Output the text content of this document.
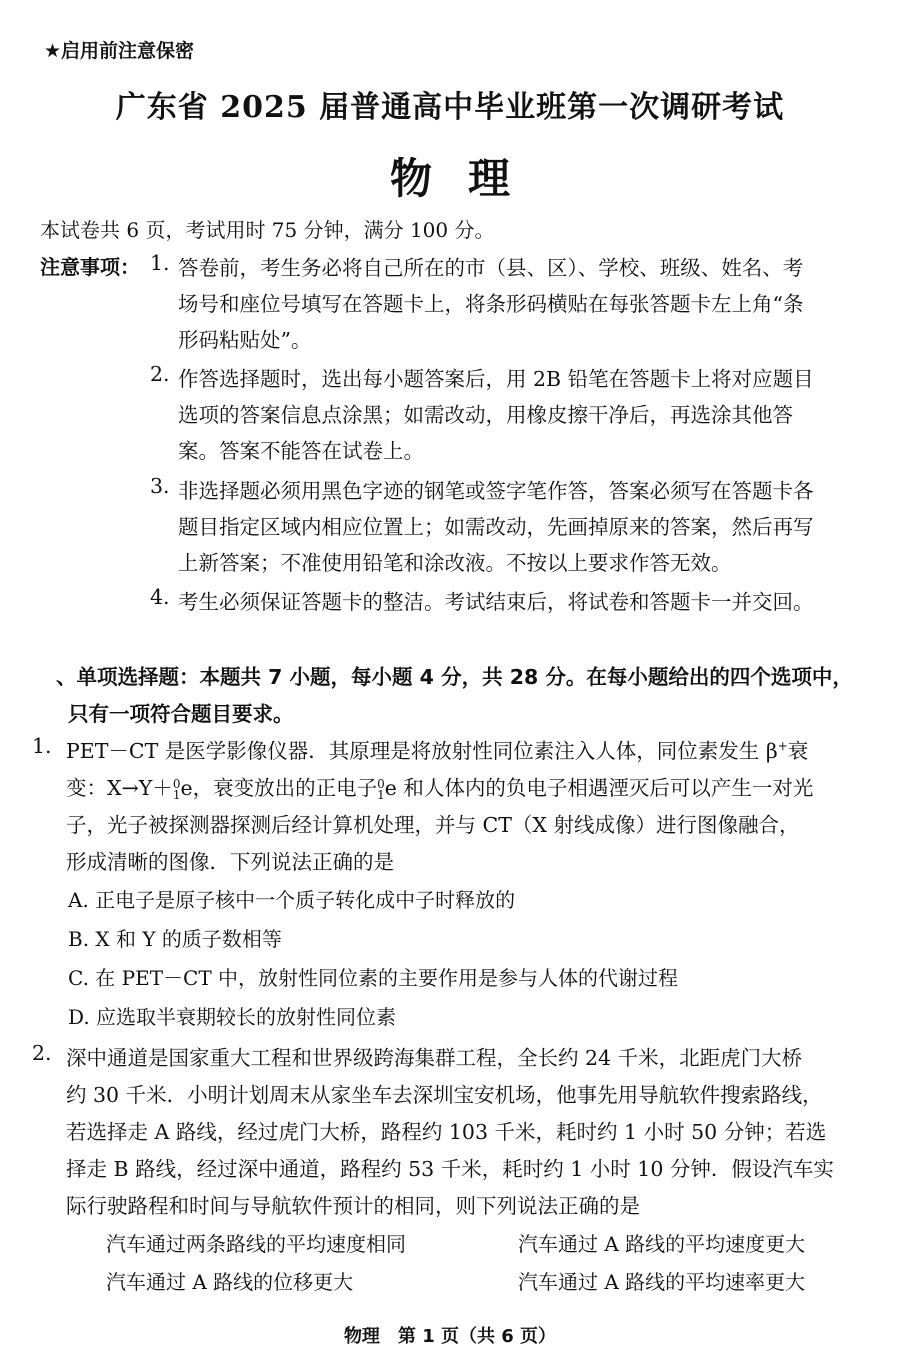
★启用前注意保密
广东省 2025 届普通高中毕业班第一次调研考试
物理
本试卷共 6 页，考试用时 75 分钟，满分 100 分。
注意事项： 1. 答卷前，考生务必将自己所在的市（县、区）、学校、班级、姓名、考
场号和座位号填写在答题卡上，将条形码横贴在每张答题卡左上角“条
形码粘贴处”。
2. 作答选择题时，选出每小题答案后，用 2B 铅笔在答题卡上将对应题目
选项的答案信息点涂黑；如需改动，用橡皮擦干净后，再选涂其他答
案。答案不能答在试卷上。
3. 非选择题必须用黑色字迹的钢笔或签字笔作答，答案必须写在答题卡各
题目指定区域内相应位置上；如需改动，先画掉原来的答案，然后再写
上新答案；不准使用铅笔和涂改液。不按以上要求作答无效。
4. 考生必须保证答题卡的整洁。考试结束后，将试卷和答题卡一并交回。
、单项选择题：本题共 7 小题，每小题 4 分，共 28 分。在每小题给出的四个选项中，
只有一项符合题目要求。
1. PET－CT 是医学影像仪器．其原理是将放射性同位素注入人体，同位素发生 β+衰
变：X→Y＋ 0
1 e，衰变放出的正电子 0
1 e 和人体内的负电子相遇湮灭后可以产生一对光
子，光子被探测器探测后经计算机处理，并与 CT（X 射线成像）进行图像融合，
形成清晰的图像．下列说法正确的是
A. 正电子是原子核中一个质子转化成中子时释放的
B. X 和 Y 的质子数相等
C. 在 PET－CT 中，放射性同位素的主要作用是参与人体的代谢过程
D. 应选取半衰期较长的放射性同位素
2. 深中通道是国家重大工程和世界级跨海集群工程，全长约 24 千米，北距虎门大桥
约 30 千米．小明计划周末从家坐车去深圳宝安机场，他事先用导航软件搜索路线，
若选择走 A 路线，经过虎门大桥，路程约 103 千米，耗时约 1 小时 50 分钟；若选
择走 B 路线，经过深中通道，路程约 53 千米，耗时约 1 小时 10 分钟．假设汽车实
际行驶路程和时间与导航软件预计的相同，则下列说法正确的是
汽车通过两条路线的平均速度相同	汽车通过 A 路线的平均速度更大
汽车通过 A 路线的位移更大	汽车通过 A 路线的平均速率更大
物理　第 1 页（共 6 页）
